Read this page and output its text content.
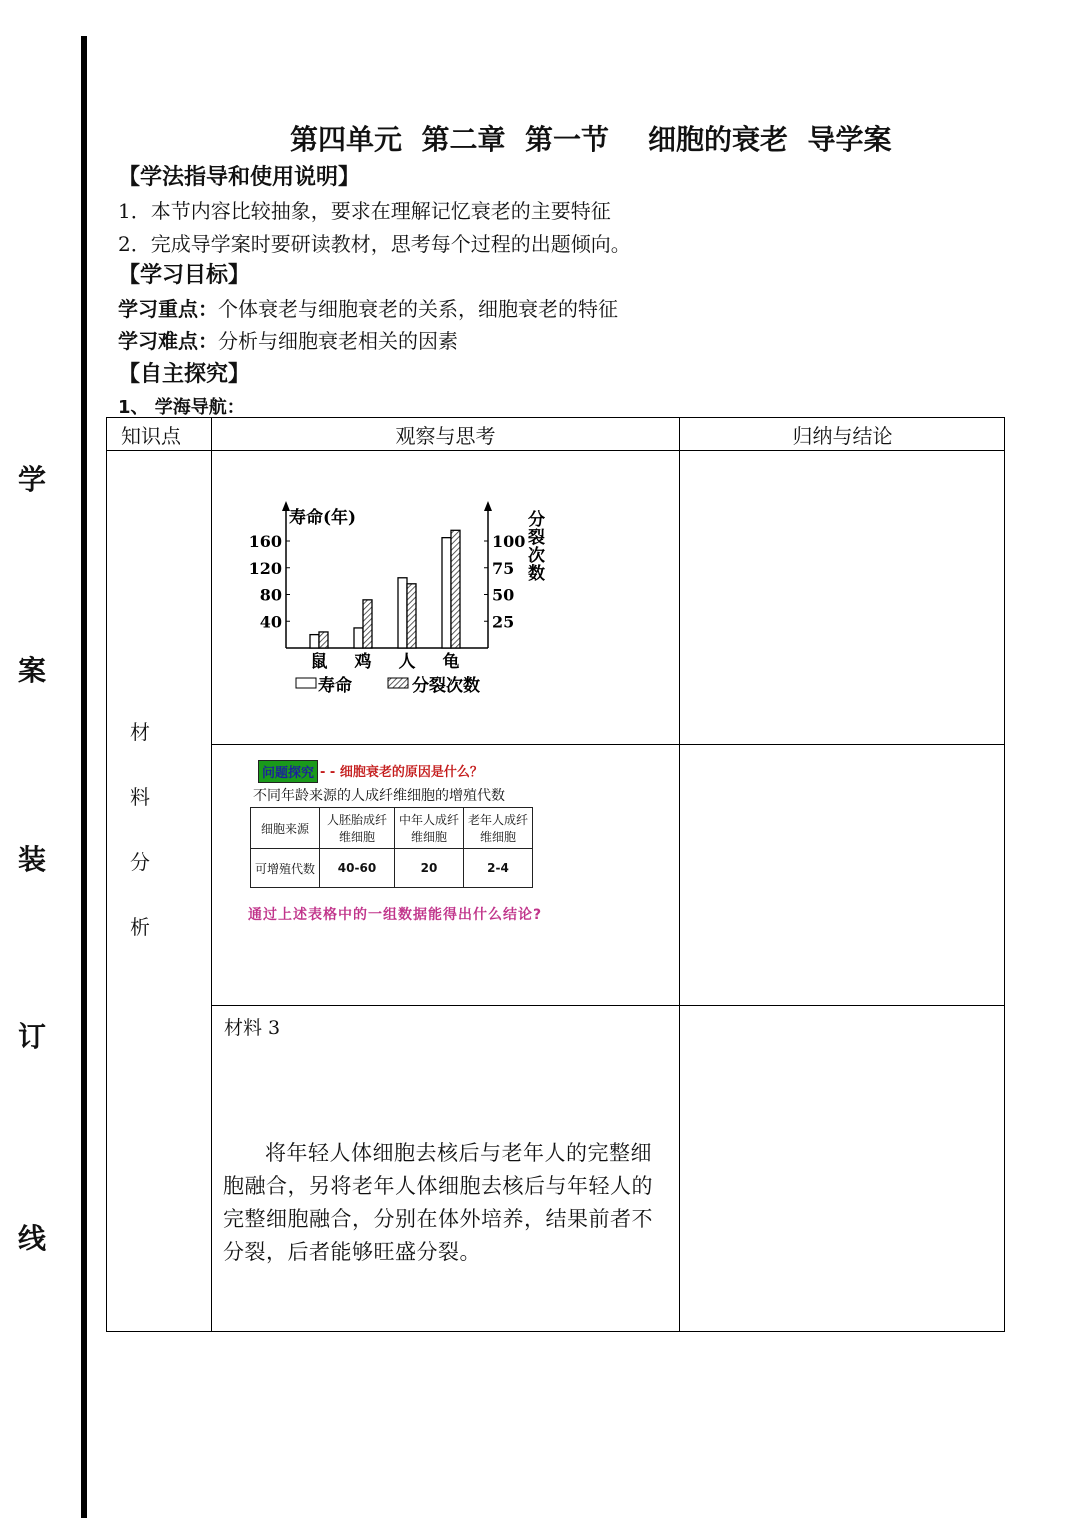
学
案
装
订
线
第四单元  第二章  第一节    细胞的衰老  导学案
【学法指导和使用说明】
1．本节内容比较抽象，要求在理解记忆衰老的主要特征
2．完成导学案时要研读教材，思考每个过程的出题倾向。
【学习目标】
学习重点：个体衰老与细胞衰老的关系，细胞衰老的特征
学习难点：分析与细胞衰老相关的因素
【自主探究】
1、 学海导航：
知识点	观察与思考	归纳与结论
材
料
分
析
寿命(年)	分
裂
次
数
40
80
120
160
25
50
75
100
鼠 鸡 人 龟
寿命	分裂次数
问题探究 - - 细胞衰老的原因是什么？
不同年龄来源的人成纤维细胞的增殖代数
细胞来源	人胚胎成纤维细胞	中年人成纤维细胞	老年人成纤维细胞
可增殖代数	40-60	20	2-4
通过上述表格中的一组数据能得出什么结论?
材料 3
将年轻人体细胞去核后与老年人的完整细胞融合，另将老年人体细胞去核后与年轻人的完整细胞融合，分别在体外培养，结果前者不分裂，后者能够旺盛分裂。
